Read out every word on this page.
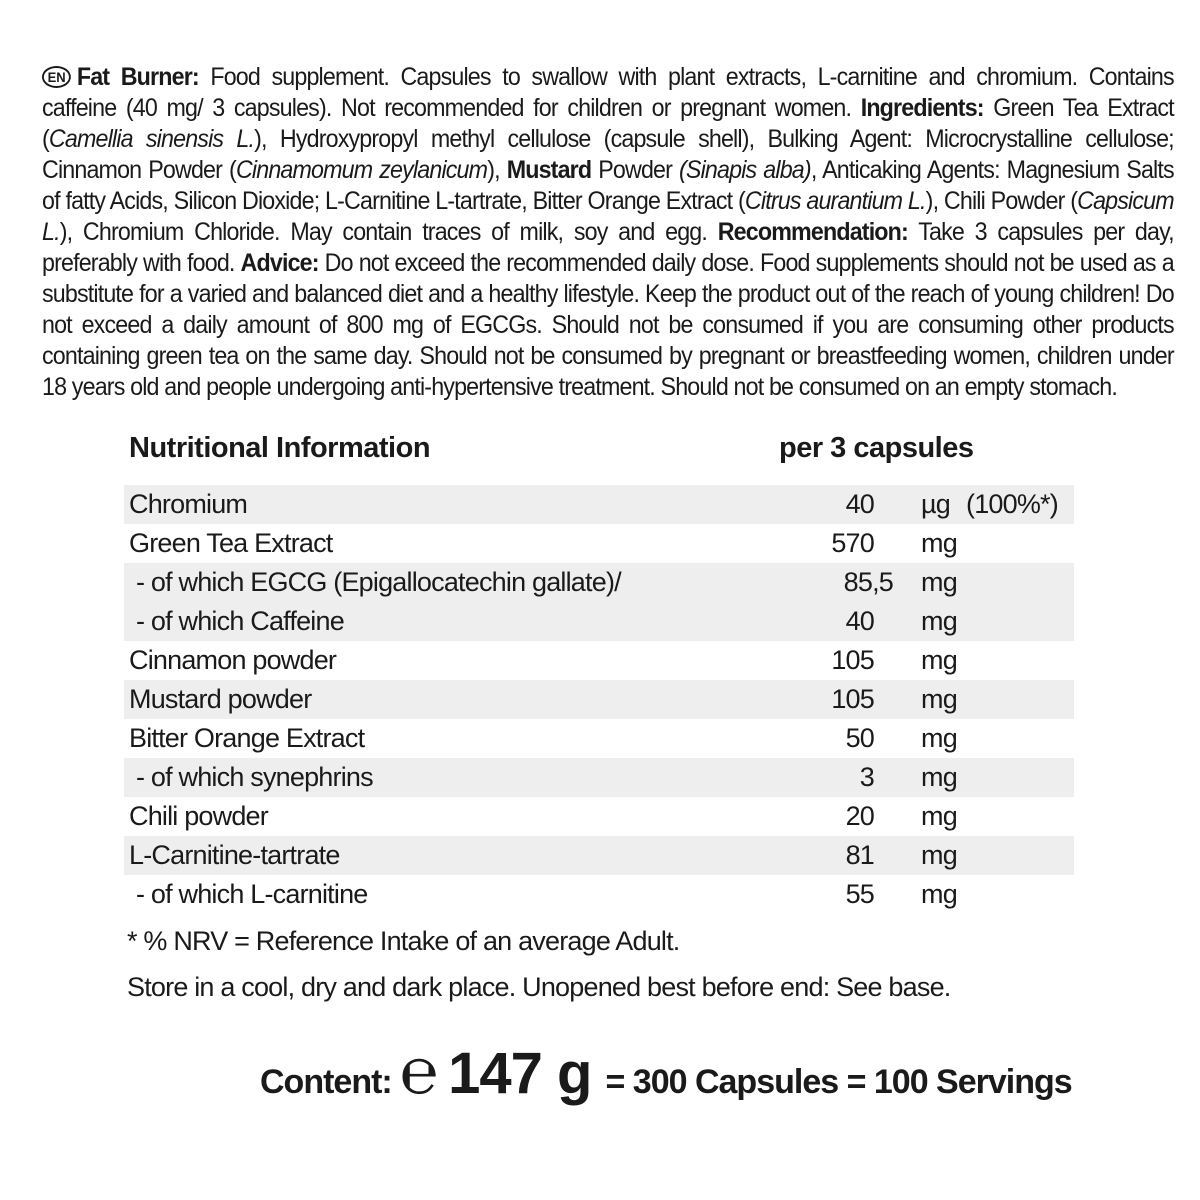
EN Fat Burner: Food supplement. Capsules to swallow with plant extracts, L-carnitine and chromium. Contains caffeine (40 mg/ 3 capsules). Not recommended for children or pregnant women. Ingredients: Green Tea Extract (Camellia sinensis L.), Hydroxypropyl methyl cellulose (capsule shell), Bulking Agent: Microcrystalline cellulose; Cinnamon Powder (Cinnamomum zeylanicum), Mustard Powder (Sinapis alba), Anticaking Agents: Magnesium Salts of fatty Acids, Silicon Dioxide; L-Carnitine L-tartrate, Bitter Orange Extract (Citrus aurantium L.), Chili Powder (Capsicum L.), Chromium Chloride. May contain traces of milk, soy and egg. Recommendation: Take 3 capsules per day, preferably with food. Advice: Do not exceed the recommended daily dose. Food supplements should not be used as a substitute for a varied and balanced diet and a healthy lifestyle. Keep the product out of the reach of young children! Do not exceed a daily amount of 800 mg of EGCGs. Should not be consumed if you are consuming other products containing green tea on the same day. Should not be consumed by pregnant or breastfeeding women, children under 18 years old and people undergoing anti-hypertensive treatment. Should not be consumed on an empty stomach.
Nutritional Information	per 3 capsules
Chromium	40 µg (100%*)
Green Tea Extract	570 mg
- of which EGCG (Epigallocatechin gallate)/	85,5 mg
- of which Caffeine	40 mg
Cinnamon powder	105 mg
Mustard powder	105 mg
Bitter Orange Extract	50 mg
- of which synephrins	3 mg
Chili powder	20 mg
L-Carnitine-tartrate	81 mg
- of which L-carnitine	55 mg
* % NRV = Reference Intake of an average Adult.
Store in a cool, dry and dark place. Unopened best before end: See base.
Content: ℮ 147 g = 300 Capsules = 100 Servings
